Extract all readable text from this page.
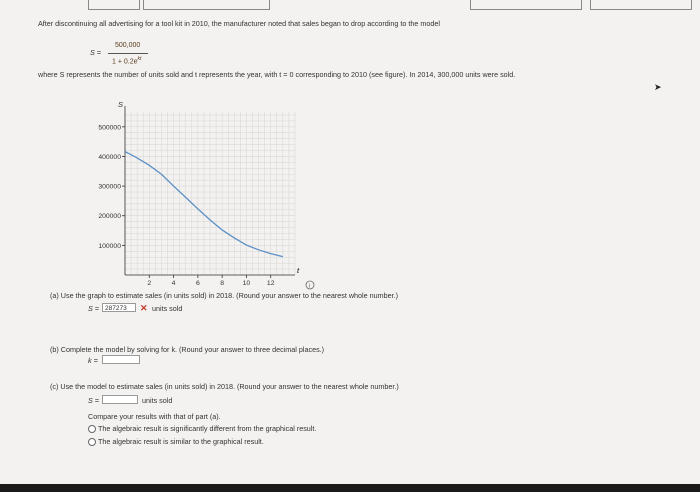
After discontinuing all advertising for a tool kit in 2010, the manufacturer noted that sales began to drop according to the model
S =
500,000
$1 + 0.2e^{kt}$
where S represents the number of units sold and t represents the year, with t = 0 corresponding to 2010 (see figure). In 2014, 300,000 units were sold.
➤
S
100000
200000
300000
400000
500000
2	4	6	8	10 12
t
i
(a) Use the graph to estimate sales (in units sold) in 2018. (Round your answer to the nearest whole number.)
S = 287273	✕ units sold
(b) Complete the model by solving for k. (Round your answer to three decimal places.)
k =
(c) Use the model to estimate sales (in units sold) in 2018. (Round your answer to the nearest whole number.)
S =	units sold
Compare your results with that of part (a).
The algebraic result is significantly different from the graphical result.
The algebraic result is similar to the graphical result.
